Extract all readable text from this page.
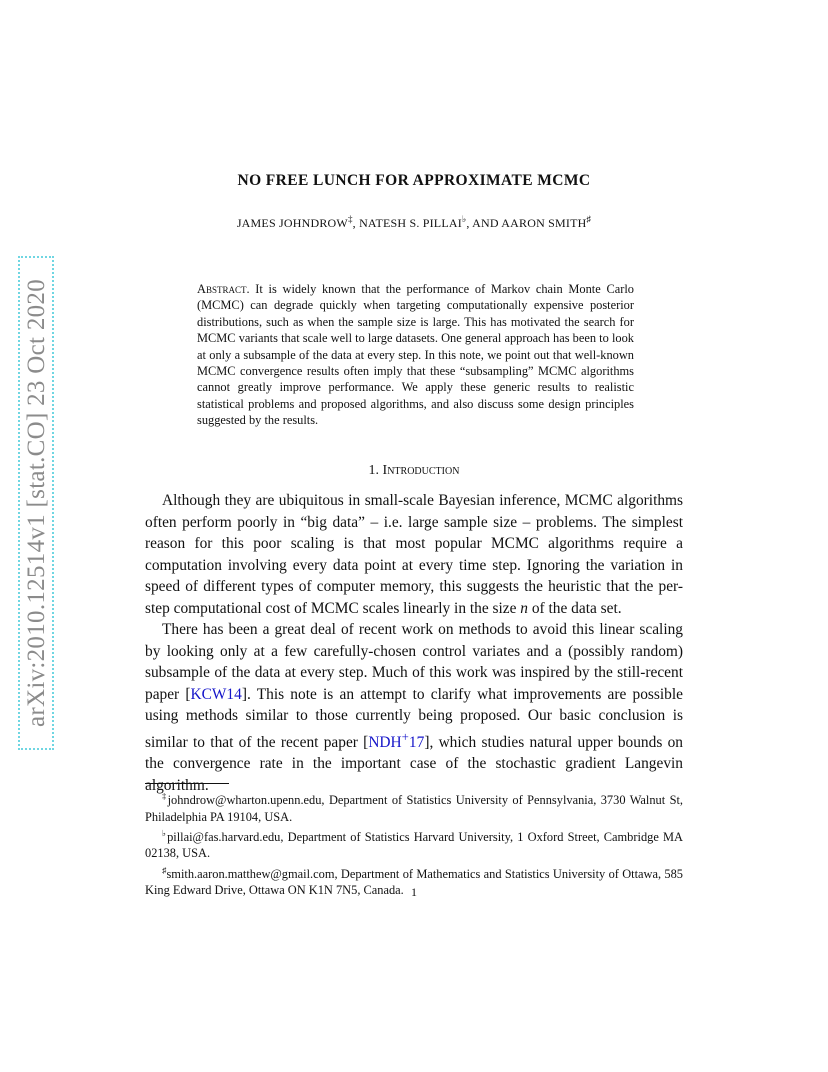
arXiv:2010.12514v1 [stat.CO] 23 Oct 2020
NO FREE LUNCH FOR APPROXIMATE MCMC
JAMES JOHNDROW‡, NATESH S. PILLAI♭, AND AARON SMITH♯

Abstract. It is widely known that the performance of Markov chain Monte Carlo (MCMC) can degrade quickly when targeting computationally expensive posterior distributions, such as when the sample size is large. This has motivated the search for MCMC variants that scale well to large datasets. One general approach has been to look at only a subsample of the data at every step. In this note, we point out that well-known MCMC convergence results often imply that these “subsampling” MCMC algorithms cannot greatly improve performance. We apply these generic results to realistic statistical problems and proposed algorithms, and also discuss some design principles suggested by the results.

1. Introduction

Although they are ubiquitous in small-scale Bayesian inference, MCMC algorithms often perform poorly in “big data” – i.e. large sample size – problems. The simplest reason for this poor scaling is that most popular MCMC algorithms require a computation involving every data point at every time step. Ignoring the variation in speed of different types of computer memory, this suggests the heuristic that the per-step computational cost of MCMC scales linearly in the size n of the data set.

There has been a great deal of recent work on methods to avoid this linear scaling by looking only at a few carefully-chosen control variates and a (possibly random) subsample of the data at every step. Much of this work was inspired by the still-recent paper [KCW14]. This note is an attempt to clarify what improvements are possible using methods similar to those currently being proposed. Our basic conclusion is similar to that of the recent paper [NDH+17], which studies natural upper bounds on the convergence rate in the important case of the stochastic gradient Langevin algorithm.

‡johndrow@wharton.upenn.edu, Department of Statistics University of Pennsylvania, 3730 Walnut St, Philadelphia PA 19104, USA.

♭pillai@fas.harvard.edu, Department of Statistics Harvard University, 1 Oxford Street, Cambridge MA 02138, USA.

♯smith.aaron.matthew@gmail.com, Department of Mathematics and Statistics University of Ottawa, 585 King Edward Drive, Ottawa ON K1N 7N5, Canada. 1
